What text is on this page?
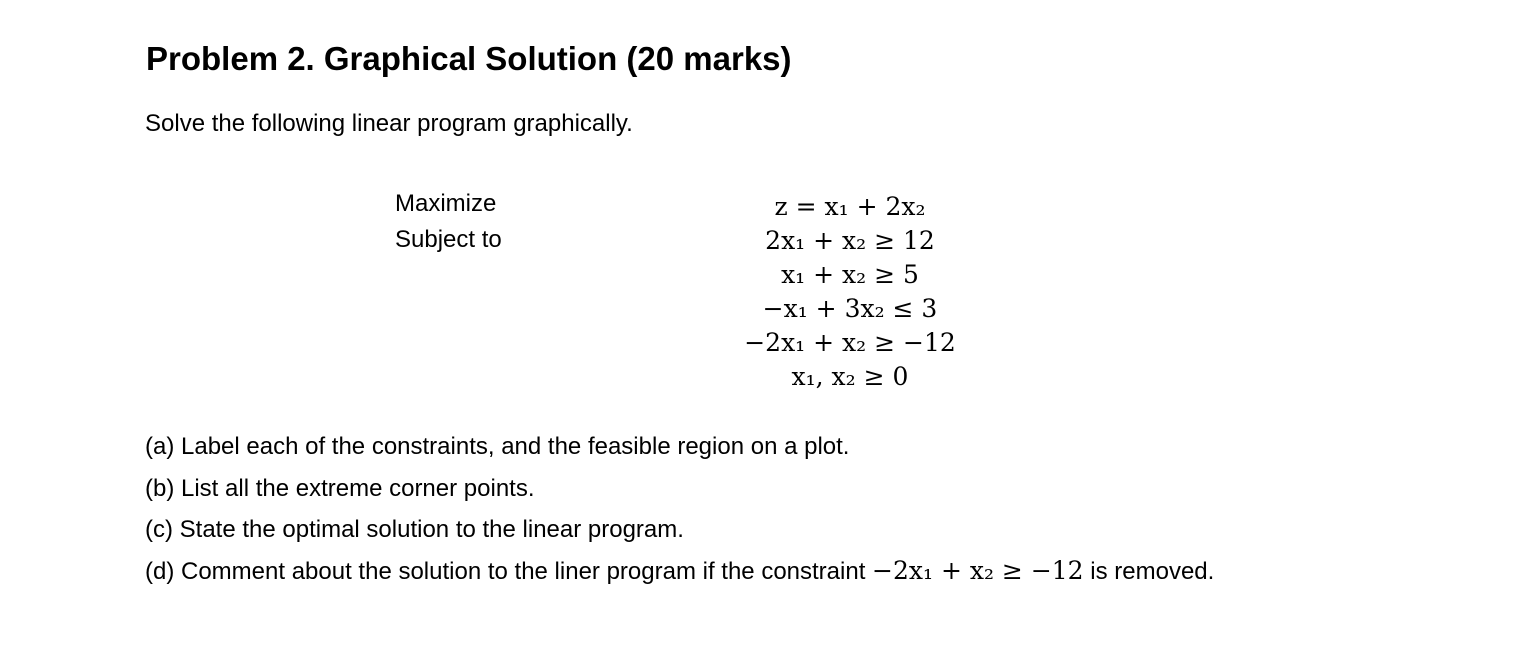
Problem 2. Graphical Solution (20 marks)
Solve the following linear program graphically.
Maximize
Subject to
z = x₁ + 2x₂
2x₁ + x₂ ≥ 12
x₁ + x₂ ≥ 5
−x₁ + 3x₂ ≤ 3
−2x₁ + x₂ ≥ −12
x₁, x₂ ≥ 0
(a) Label each of the constraints, and the feasible region on a plot.
(b) List all the extreme corner points.
(c) State the optimal solution to the linear program.
(d) Comment about the solution to the liner program if the constraint −2x₁ + x₂ ≥ −12 is removed.
